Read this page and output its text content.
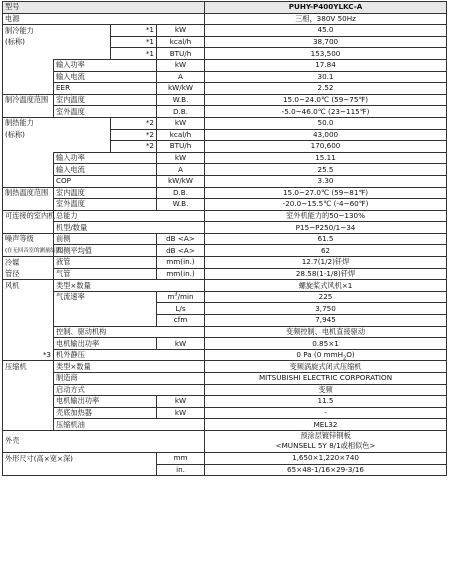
型号				PUHY-P400YLKC-A
电源				三相，380V 50Hz
制冷能力		*1	kW	45.0
(标称)		*1	kcal/h	38,700
		*1	BTU/h	153,500
	输入功率		kW	17.84
	输入电流		A	30.1
	EER		kW/kW	2.52
制冷温度范围	室内温度		W.B.	15.0~24.0℃ (59~75℉)
	室外温度		D.B.	-5.0~46.0℃ (23~115℉)
制热能力		*2	kW	50.0
(标称)		*2	kcal/h	43,000
		*2	BTU/h	170,600
	输入功率		kW	15.11
	输入电流		A	25.5
	COP		kW/kW	3.30
制热温度范围	室内温度		D.B.	15.0~27.0℃ (59~81℉)
	室外温度		W.B.	-20.0~15.5℃ (-4~60℉)
可连接的室内机	总能力			室外机能力的50~130%
	机型/数量			P15~P250/1~34
噪声等级	前侧		dB <A>	61.5
(在无回音室的测量结果)	四侧平均值		dB <A>	62
冷媒	液管		mm(in.)	12.7(1/2)钎焊
管径	气管		mm(in.)	28.58(1-1/8)钎焊
风机	类型×数量			螺旋桨式风机×1
	气流速率		$m^3/\min$	225
			L/s	3,750
			cfm	7,945
	控制、驱动机构			变频控制、电机直接驱动
	电机输出功率		kW	0.85×1
*3	机外静压			0 Pa (0 mmH$_2$O)
压缩机	类型×数量			变频涡旋式闭式压缩机
	制造商			MITSUBISHI ELECTRIC CORPORATION
	启动方式			变频
	电机输出功率		kW	11.5
	壳底加热器		kW	-
	压缩机油			MEL32
外壳				预涂层镀锌钢板
<MUNSELL 5Y 8/1或相似色>

外形尺寸(高×宽×深)			mm	1,650×1,220×740
			in.	65×48-1/16×29-3/16
